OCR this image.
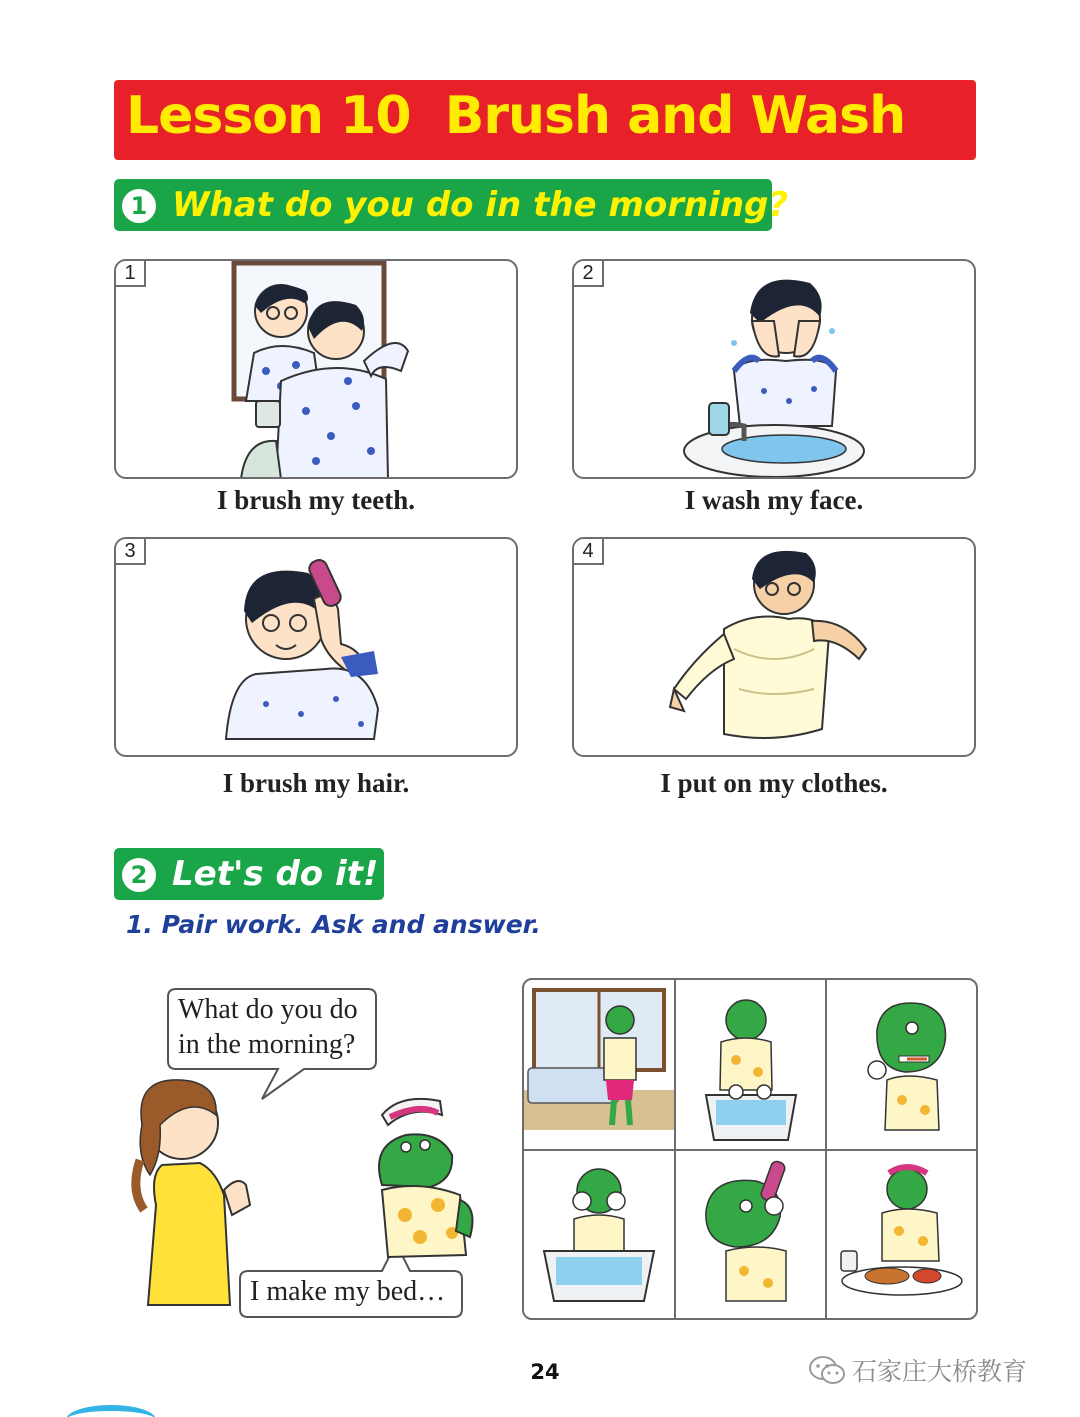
Lesson 10  Brush and Wash
1 What do you do in the morning?
1
I brush my teeth.
2
I wash my face.
3
I brush my hair.
4
I put on my clothes.
2 Let's do it!
1. Pair work. Ask and answer.
What do you do
in the morning?
I make my bed…
24	石家庄大桥教育
